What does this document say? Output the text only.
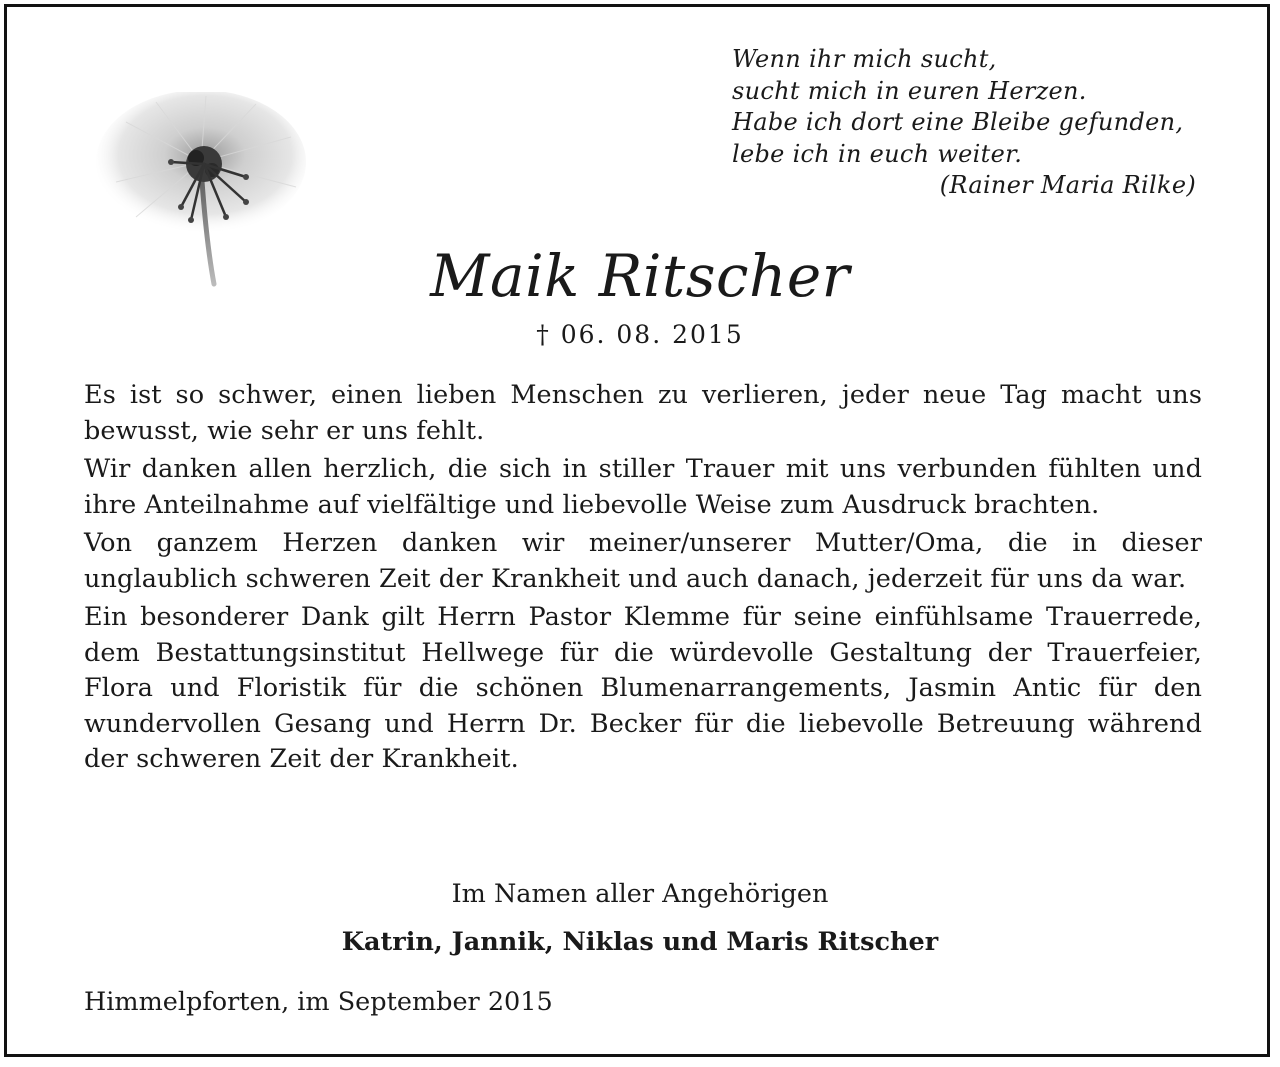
Wenn ihr mich sucht,
sucht mich in euren Herzen.
Habe ich dort eine Bleibe gefunden,
lebe ich in euch weiter.
(Rainer Maria Rilke)
Maik Ritscher
† 06. 08. 2015

Es ist so schwer, einen lieben Menschen zu verlieren, jeder neue Tag macht uns bewusst, wie sehr er uns fehlt.

Wir danken allen herzlich, die sich in stiller Trauer mit uns verbunden fühlten und ihre Anteilnahme auf vielfältige und liebevolle Weise zum Ausdruck brachten.

Von ganzem Herzen danken wir meiner/unserer Mutter/Oma, die in dieser unglaublich schweren Zeit der Krankheit und auch danach, jederzeit für uns da war.

Ein besonderer Dank gilt Herrn Pastor Klemme für seine einfühlsame Trauerrede, dem Bestattungsinstitut Hellwege für die würdevolle Gestaltung der Trauerfeier, Flora und Floristik für die schönen Blumenarrangements, Jasmin Antic für den wundervollen Gesang und Herrn Dr. Becker für die liebevolle Betreuung während der schweren Zeit der Krankheit.

Im Namen aller Angehörigen
Katrin, Jannik, Niklas und Maris Ritscher
Himmelpforten, im September 2015
